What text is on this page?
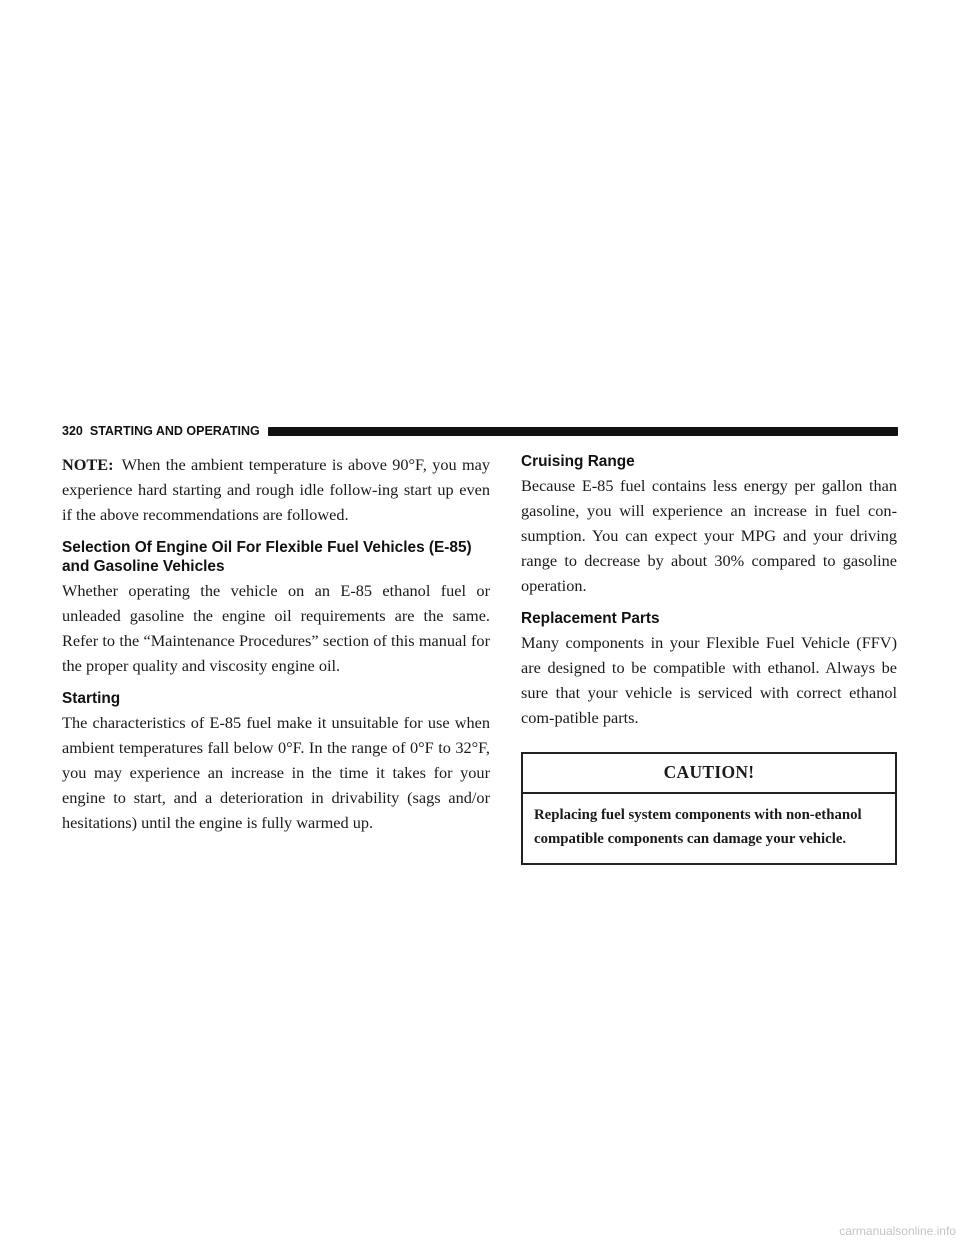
320 STARTING AND OPERATING

NOTE: When the ambient temperature is above 90°F, you may experience hard starting and rough idle follow-ing start up even if the above recommendations are followed.

Selection Of Engine Oil For Flexible Fuel Vehicles (E-85) and Gasoline Vehicles

Whether operating the vehicle on an E-85 ethanol fuel or unleaded gasoline the engine oil requirements are the same. Refer to the “Maintenance Procedures” section of this manual for the proper quality and viscosity engine oil.

Starting

The characteristics of E-85 fuel make it unsuitable for use when ambient temperatures fall below 0°F. In the range of 0°F to 32°F, you may experience an increase in the time it takes for your engine to start, and a deterioration in drivability (sags and/or hesitations) until the engine is fully warmed up.

Cruising Range

Because E-85 fuel contains less energy per gallon than gasoline, you will experience an increase in fuel con-sumption. You can expect your MPG and your driving range to decrease by about 30% compared to gasoline operation.

Replacement Parts

Many components in your Flexible Fuel Vehicle (FFV) are designed to be compatible with ethanol. Always be sure that your vehicle is serviced with correct ethanol com-patible parts.

CAUTION!
Replacing fuel system components with non-ethanol compatible components can damage your vehicle.
carmanualsonline.info
